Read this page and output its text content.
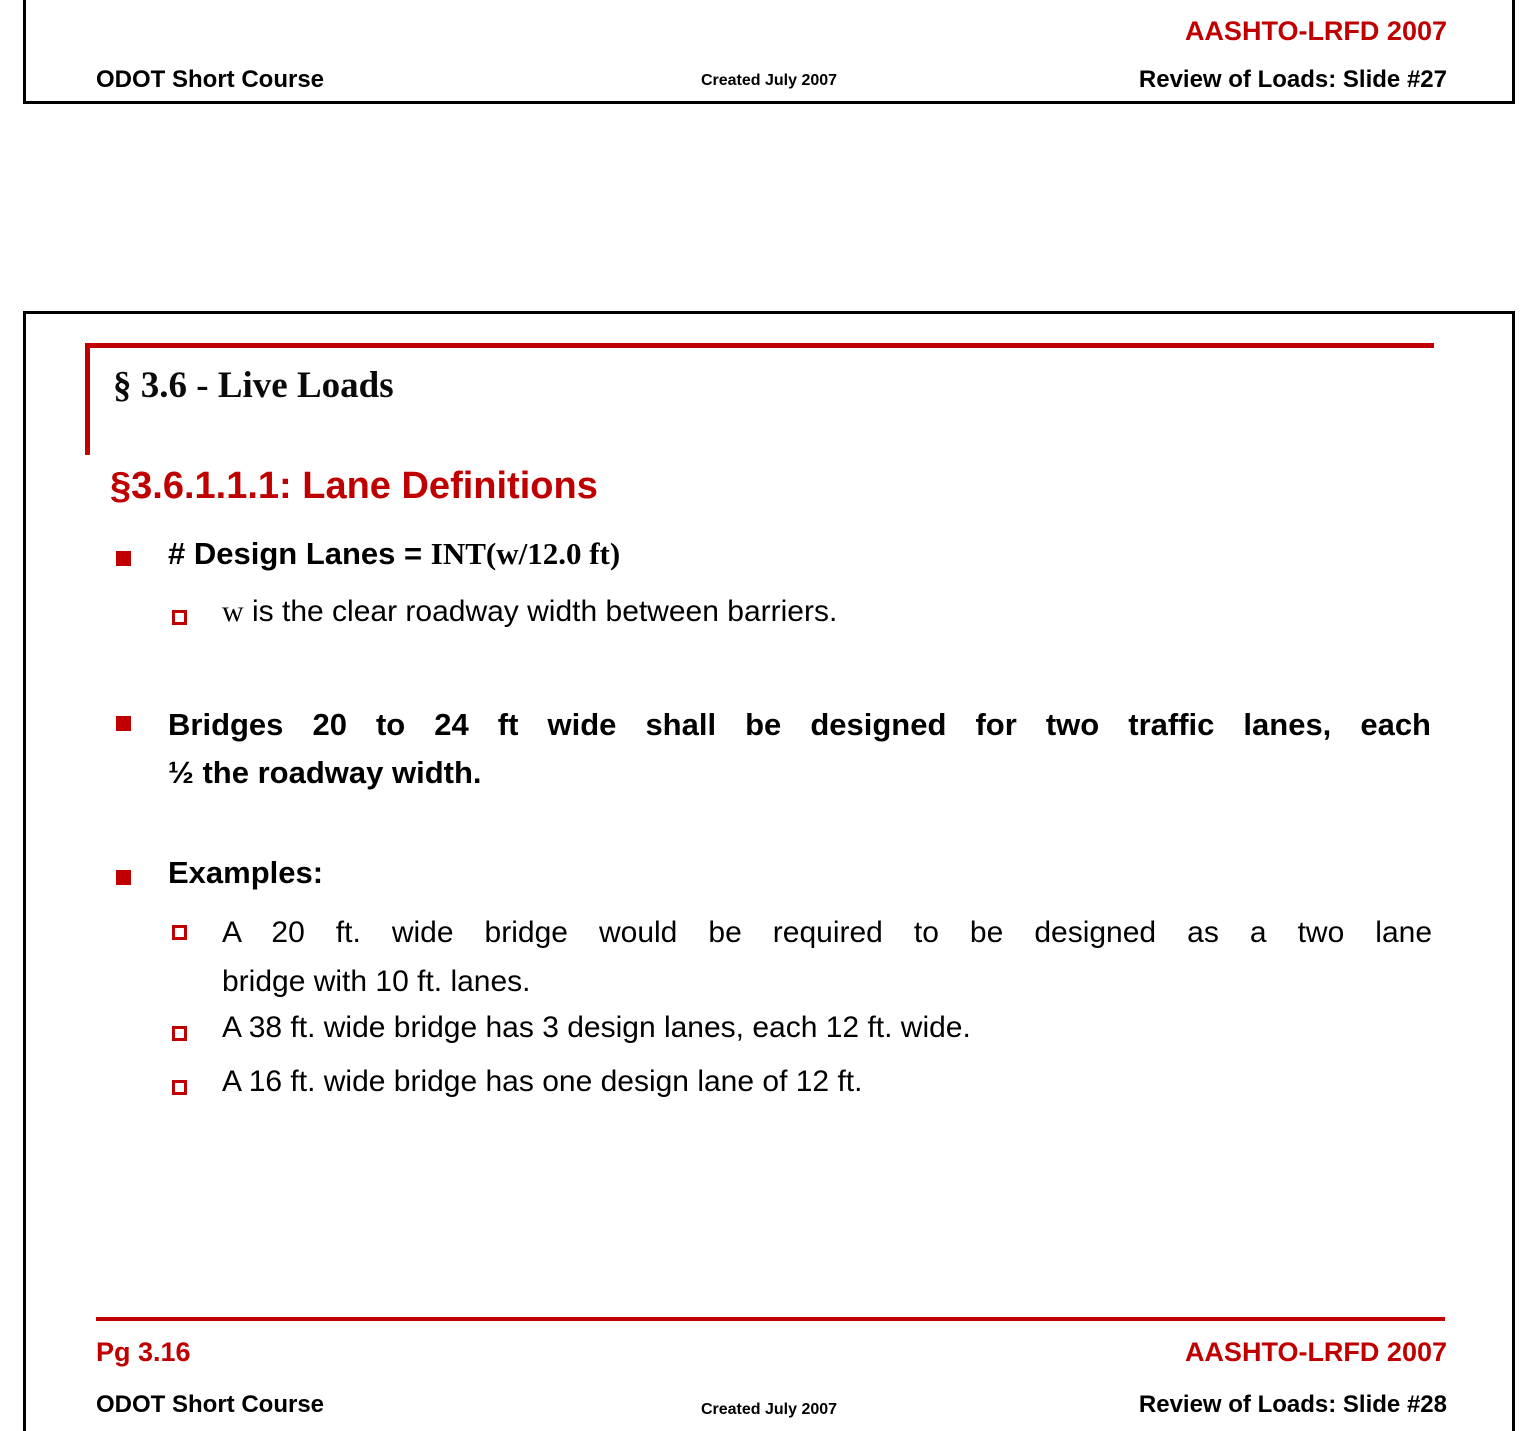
AASHTO-LRFD 2007
ODOT Short Course	Created July 2007	Review of Loads: Slide #27
§ 3.6 - Live Loads
§3.6.1.1.1: Lane Definitions
# Design Lanes = INT(w/12.0 ft)
w is the clear roadway width between barriers.
Bridges 20 to 24 ft wide shall be designed for two traffic lanes, each
½ the roadway width.
Examples:
A 20 ft. wide bridge would be required to be designed as a two lane
bridge with 10 ft. lanes.
A 38 ft. wide bridge has 3 design lanes, each 12 ft. wide.
A 16 ft. wide bridge has one design lane of 12 ft.
Pg 3.16	AASHTO-LRFD 2007
ODOT Short Course	Created July 2007	Review of Loads: Slide #28
